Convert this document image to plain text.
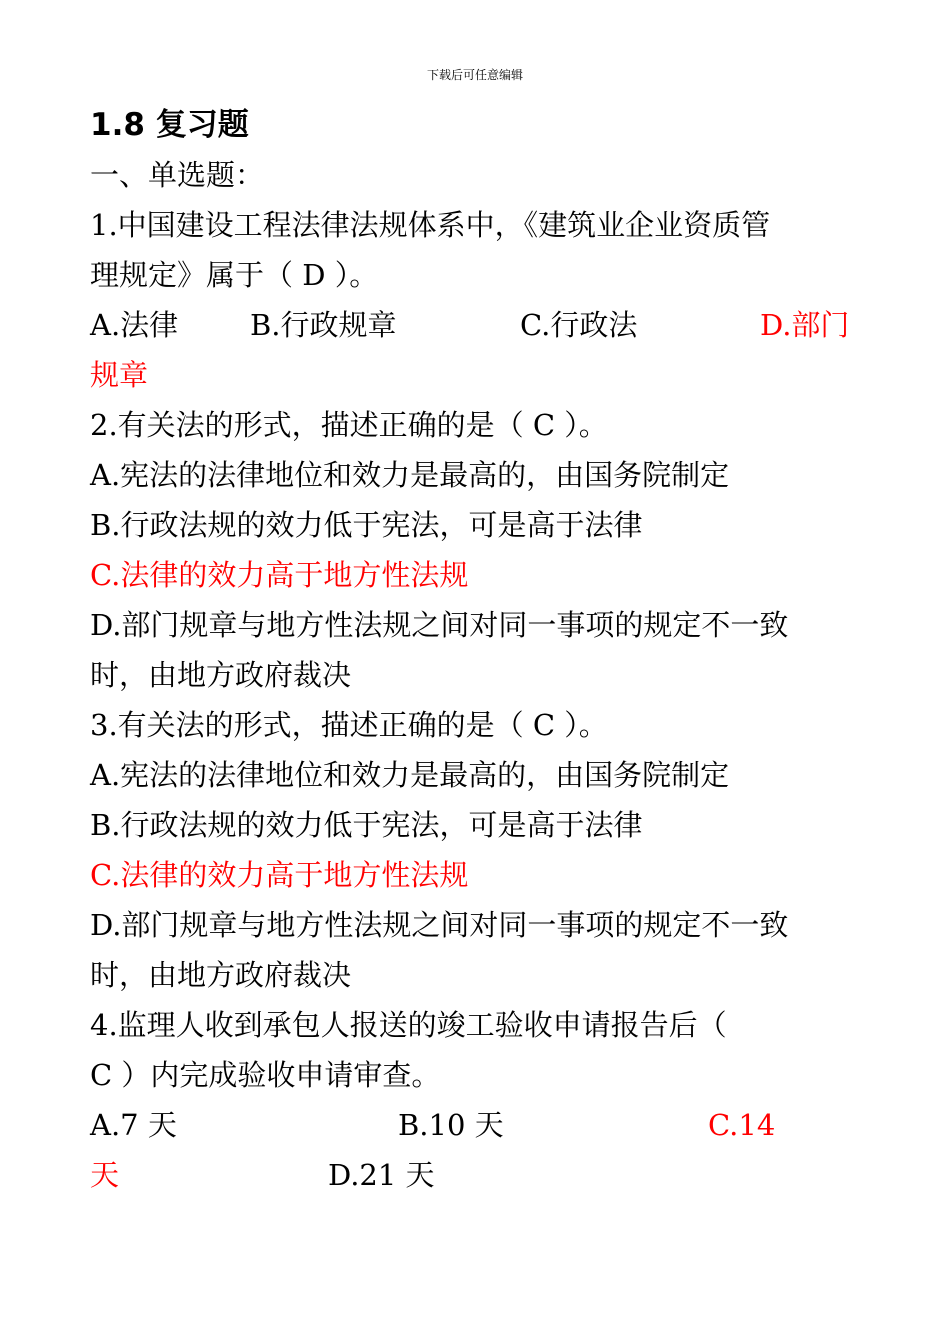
下载后可任意编辑
1.8 复习题
一、单选题：
1.中国建设工程法律法规体系中，《建筑业企业资质管
理规定》属于（ D ）。
A.法律 B.行政规章	C.行政法	D.部门
规章
2.有关法的形式，描述正确的是（ C ）。
A.宪法的法律地位和效力是最高的，由国务院制定
B.行政法规的效力低于宪法，可是高于法律
C.法律的效力高于地方性法规
D.部门规章与地方性法规之间对同一事项的规定不一致
时，由地方政府裁决
3.有关法的形式，描述正确的是（ C ）。
A.宪法的法律地位和效力是最高的，由国务院制定
B.行政法规的效力低于宪法，可是高于法律
C.法律的效力高于地方性法规
D.部门规章与地方性法规之间对同一事项的规定不一致
时，由地方政府裁决
4.监理人收到承包人报送的竣工验收申请报告后（
C ）内完成验收申请审查。
A.7 天	B.10 天	C.14
天	D.21 天
